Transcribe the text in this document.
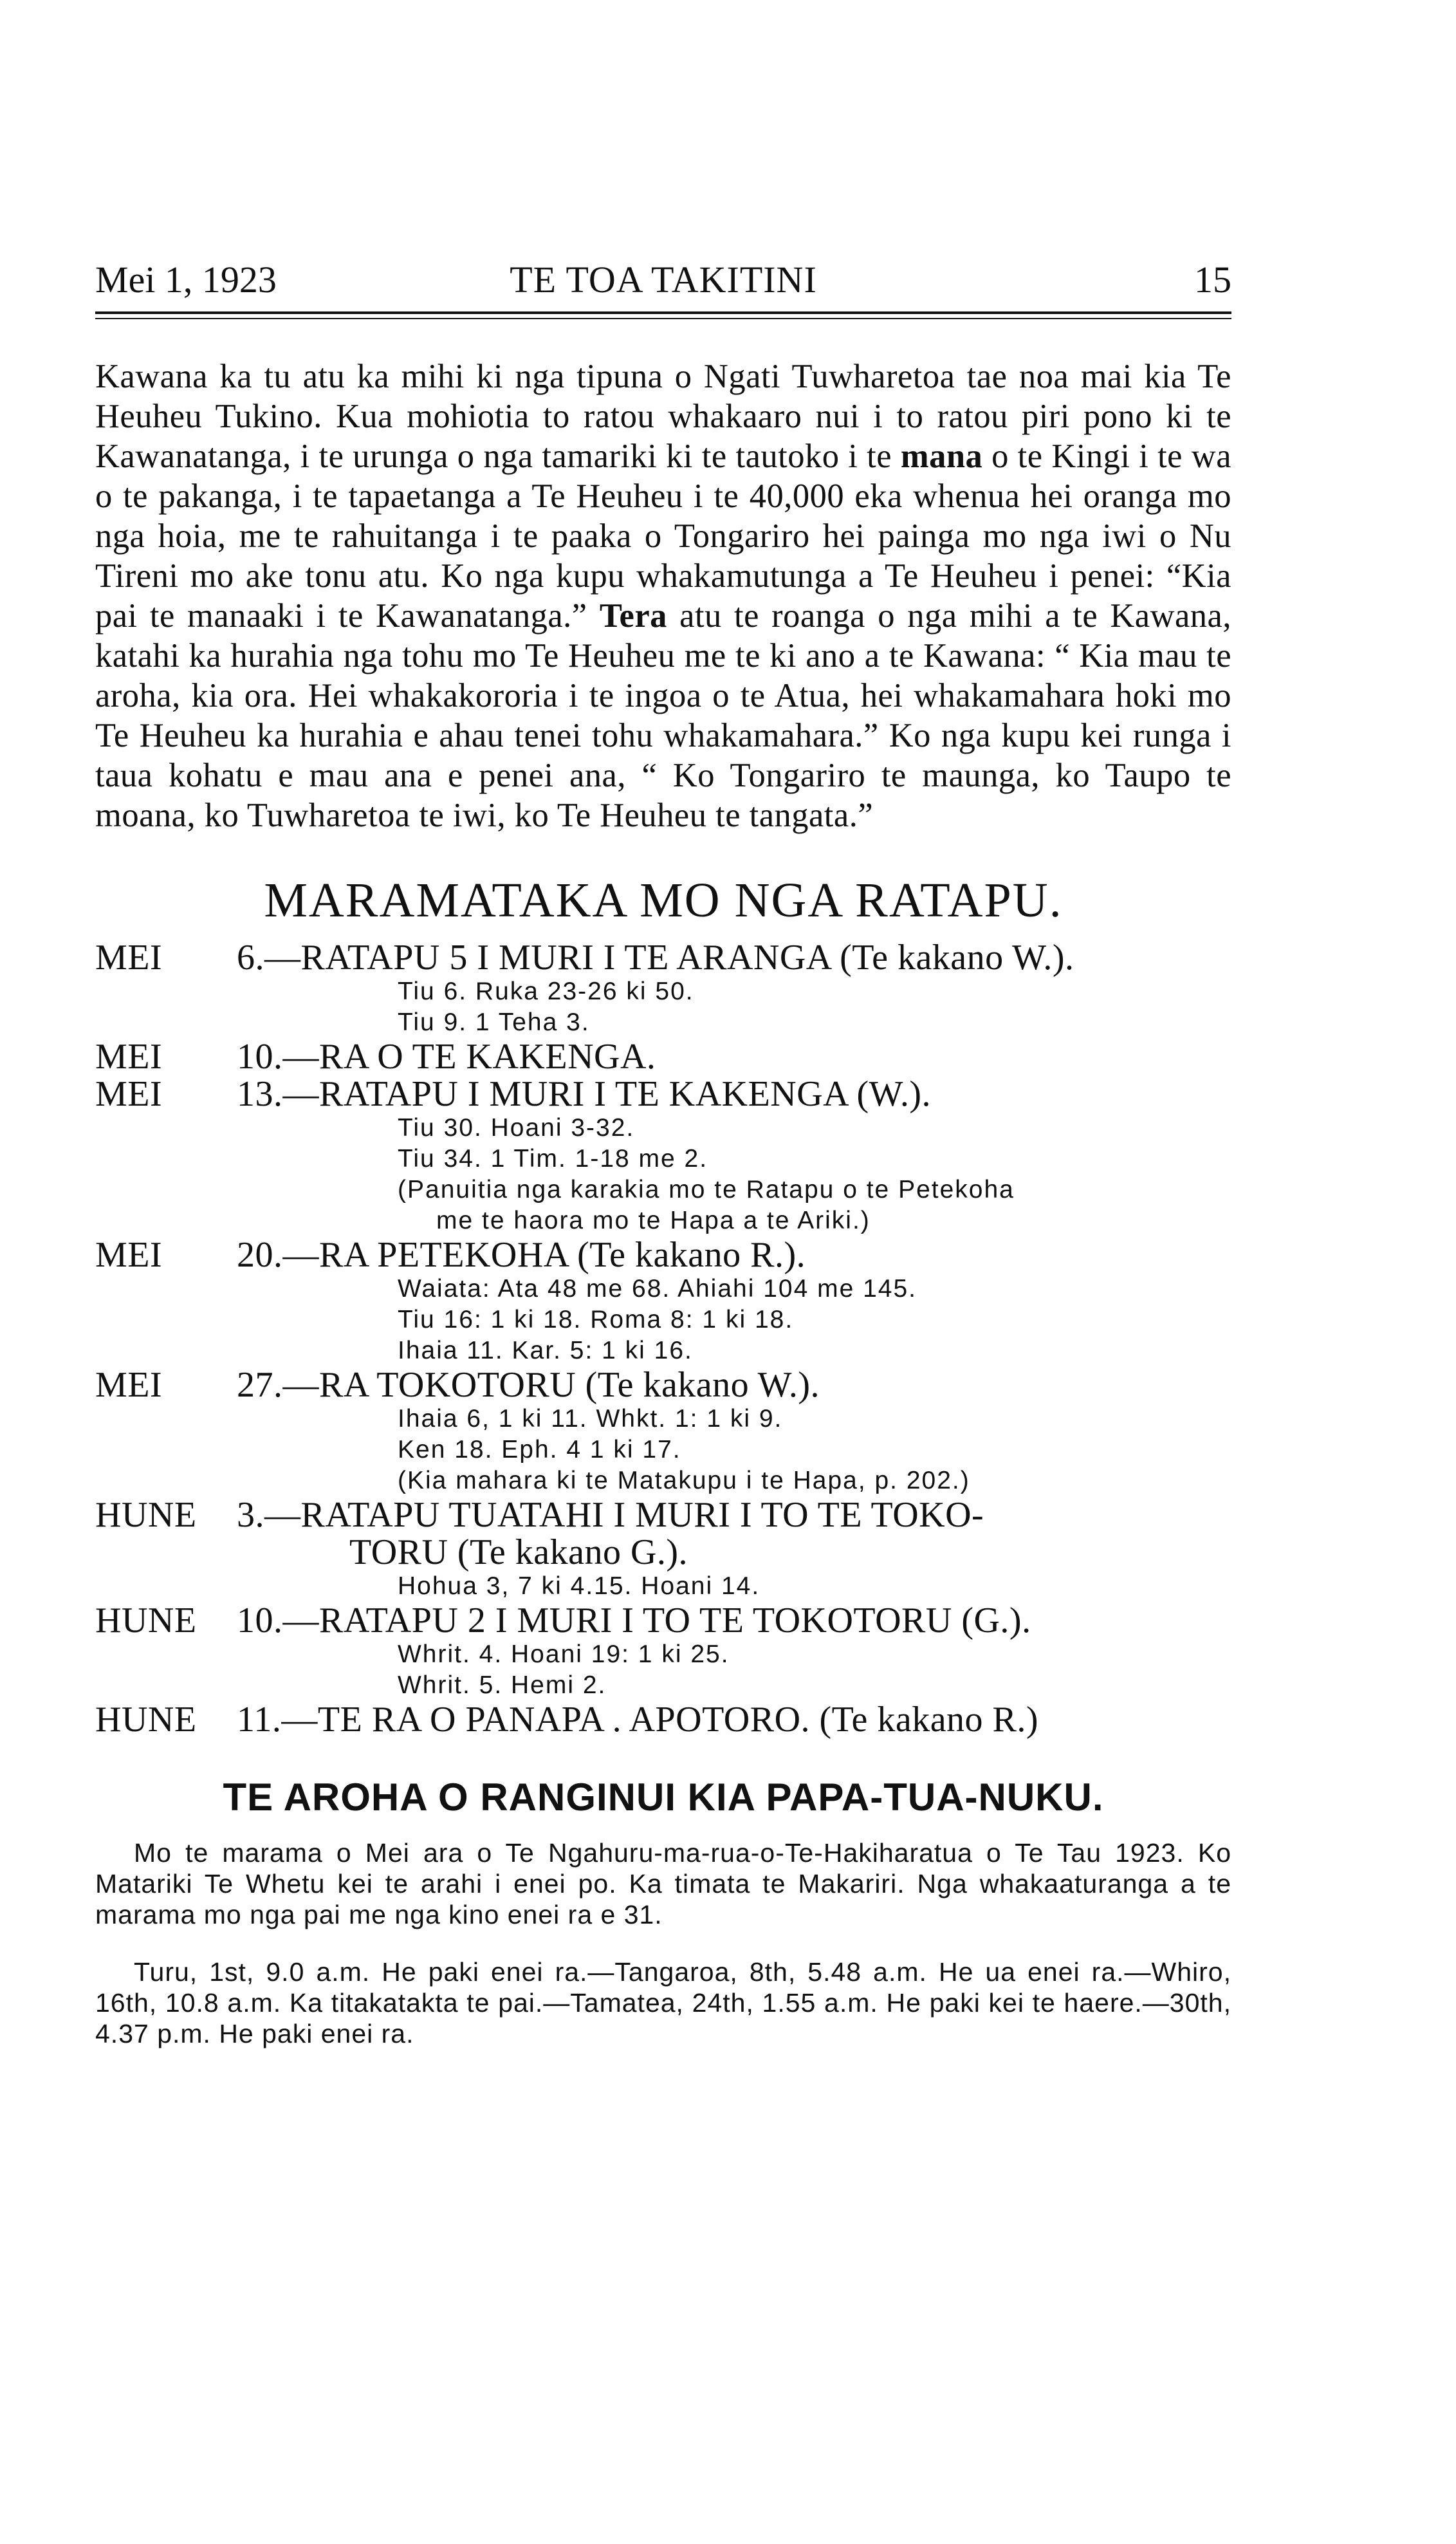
Mei 1, 1923	TE TOA TAKITINI	15

Kawana ka tu atu ka mihi ki nga tipuna o Ngati Tuwharetoa tae noa mai kia Te Heuheu Tukino. Kua mohiotia to ratou whakaaro nui i to ratou piri pono ki te Kawanatanga, i te urunga o nga tamariki ki te tautoko i te mana o te Kingi i te wa o te pakanga, i te tapaetanga a Te Heuheu i te 40,000 eka whenua hei oranga mo nga hoia, me te rahuitanga i te paaka o Tongariro hei painga mo nga iwi o Nu Tireni mo ake tonu atu. Ko nga kupu whakamutunga a Te Heuheu i penei: “Kia pai te manaaki i te Kawanatanga.” Tera atu te roanga o nga mihi a te Kawana, katahi ka hurahia nga tohu mo Te Heuheu me te ki ano a te Kawana: “ Kia mau te aroha, kia ora. Hei whakakororia i te ingoa o te Atua, hei whakamahara hoki mo Te Heuheu ka hurahia e ahau tenei tohu whakamahara.” Ko nga kupu kei runga i taua kohatu e mau ana e penei ana, “ Ko Tongariro te maunga, ko Taupo te moana, ko Tuwharetoa te iwi, ko Te Heuheu te tangata.”

MARAMATAKA MO NGA RATAPU.
MEI 6.—RATAPU 5 I MURI I TE ARANGA (Te kakano W.).
Tiu 6. Ruka 23-26 ki 50.
Tiu 9. 1 Teha 3.
MEI 10.—RA O TE KAKENGA.
MEI 13.—RATAPU I MURI I TE KAKENGA (W.).
Tiu 30. Hoani 3-32.
Tiu 34. 1 Tim. 1-18 me 2.
(Panuitia nga karakia mo te Ratapu o te Petekoha
me te haora mo te Hapa a te Ariki.)
MEI 20.—RA PETEKOHA (Te kakano R.).
Waiata: Ata 48 me 68. Ahiahi 104 me 145.
Tiu 16: 1 ki 18. Roma 8: 1 ki 18.
Ihaia 11. Kar. 5: 1 ki 16.
MEI 27.—RA TOKOTORU (Te kakano W.).
Ihaia 6, 1 ki 11. Whkt. 1: 1 ki 9.
Ken 18. Eph. 4 1 ki 17.
(Kia mahara ki te Matakupu i te Hapa, p. 202.)
HUNE 3.—RATAPU TUATAHI I MURI I TO TE TOKO-
TORU (Te kakano G.).
Hohua 3, 7 ki 4.15. Hoani 14.
HUNE 10.—RATAPU 2 I MURI I TO TE TOKOTORU (G.).
Whrit. 4. Hoani 19: 1 ki 25.
Whrit. 5. Hemi 2.
HUNE 11.—TE RA O PANAPA . APOTORO. (Te kakano R.)
TE AROHA O RANGINUI KIA PAPA-TUA-NUKU.

Mo te marama o Mei ara o Te Ngahuru-ma-rua-o-Te-Hakiharatua o Te Tau 1923. Ko Matariki Te Whetu kei te arahi i enei po. Ka timata te Makariri. Nga whakaaturanga a te marama mo nga pai me nga kino enei ra e 31.

Turu, 1st, 9.0 a.m. He paki enei ra.—Tangaroa, 8th, 5.48 a.m. He ua enei ra.—Whiro, 16th, 10.8 a.m. Ka titakatakta te pai.—Tamatea, 24th, 1.55 a.m. He paki kei te haere.—30th, 4.37 p.m. He paki enei ra.
